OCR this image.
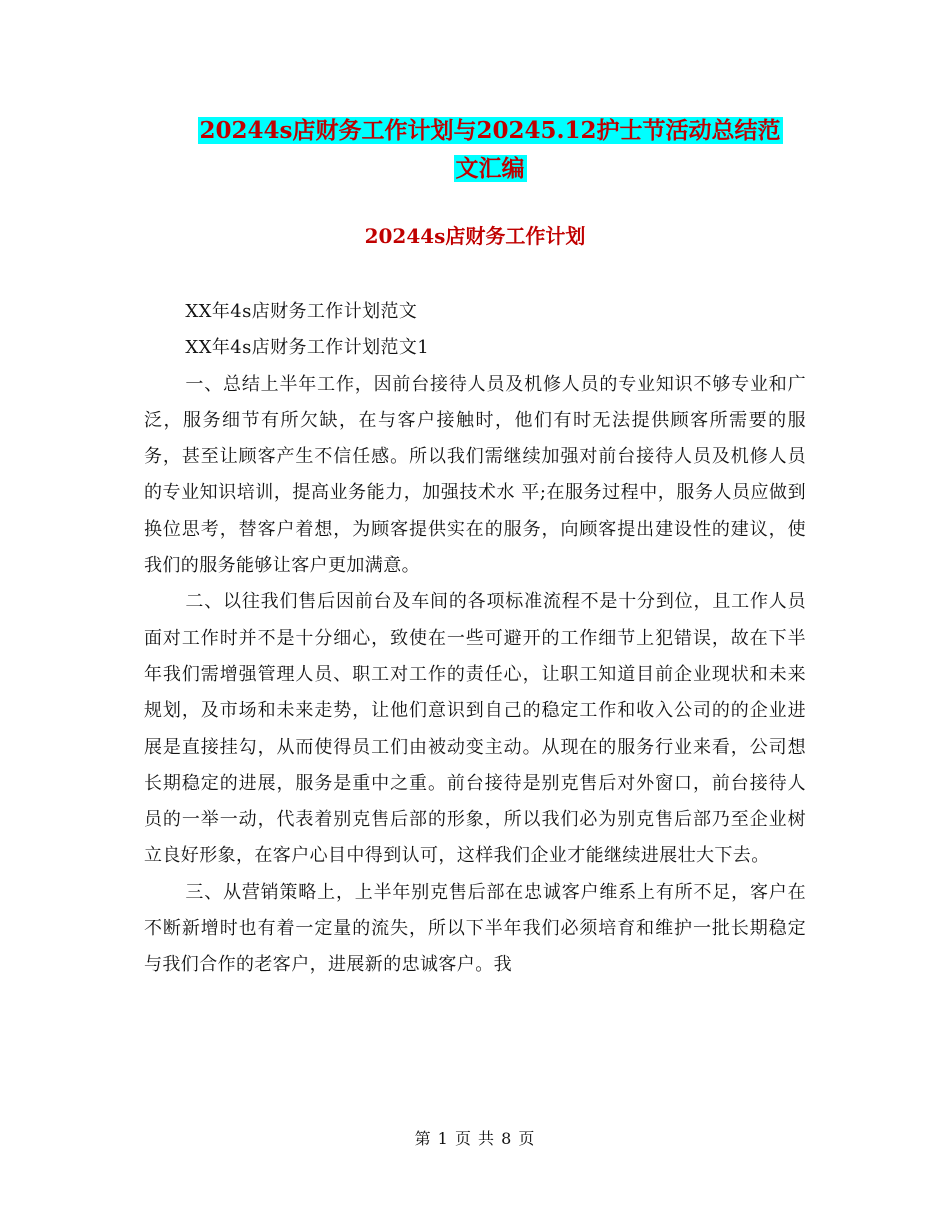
20244s店财务工作计划与20245.12护士节活动总结范
文汇编
20244s店财务工作计划

XX年4s店财务工作计划范文

XX年4s店财务工作计划范文1

一、总结上半年工作，因前台接待人员及机修人员的专业知识不够专业和广泛，服务细节有所欠缺，在与客户接触时，他们有时无法提供顾客所需要的服务，甚至让顾客产生不信任感。所以我们需继续加强对前台接待人员及机修人员的专业知识培训，提高业务能力，加强技术水 平;在服务过程中，服务人员应做到换位思考，替客户着想，为顾客提供实在的服务，向顾客提出建设性的建议，使我们的服务能够让客户更加满意。

二、以往我们售后因前台及车间的各项标准流程不是十分到位，且工作人员面对工作时并不是十分细心，致使在一些可避开的工作细节上犯错误，故在下半年我们需增强管理人员、职工对工作的责任心，让职工知道目前企业现状和未来规划，及市场和未来走势，让他们意识到自己的稳定工作和收入公司的的企业进展是直接挂勾，从而使得员工们由被动变主动。从现在的服务行业来看，公司想长期稳定的进展，服务是重中之重。前台接待是别克售后对外窗口，前台接待人员的一举一动，代表着别克售后部的形象，所以我们必为别克售后部乃至企业树立良好形象，在客户心目中得到认可，这样我们企业才能继续进展壮大下去。

三、从营销策略上，上半年别克售后部在忠诚客户维系上有所不足，客户在不断新增时也有着一定量的流失，所以下半年我们必须培育和维护一批长期稳定与我们合作的老客户，进展新的忠诚客户。我

第 1 页 共 8 页
